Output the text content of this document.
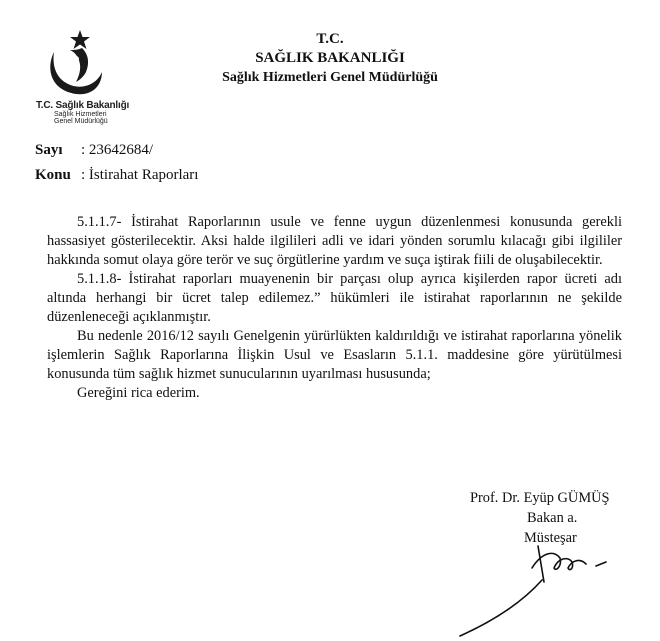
T.C. Sağlık Bakanlığı
Sağlık Hizmetleri
Genel Müdürlüğü
T.C.
SAĞLIK BAKANLIĞI
Sağlık Hizmetleri Genel Müdürlüğü
Sayı : 23642684/
Konu : İstirahat Raporları

5.1.1.7- İstirahat Raporlarının usule ve fenne uygun düzenlenmesi konusunda gerekli hassasiyet gösterilecektir. Aksi halde ilgilileri adli ve idari yönden sorumlu kılacağı gibi ilgililer hakkında somut olaya göre terör ve suç örgütlerine yardım ve suça iştirak fiili de oluşabilecektir.

5.1.1.8- İstirahat raporları muayenenin bir parçası olup ayrıca kişilerden rapor ücreti adı altında herhangi bir ücret talep edilemez.” hükümleri ile istirahat raporlarının ne şekilde düzenleneceği açıklanmıştır.

Bu nedenle 2016/12 sayılı Genelgenin yürürlükten kaldırıldığı ve istirahat raporlarına yönelik işlemlerin Sağlık Raporlarına İlişkin Usul ve Esasların 5.1.1. maddesine göre yürütülmesi konusunda tüm sağlık hizmet sunucularının uyarılması hususunda;

Gereğini rica ederim.

Prof. Dr. Eyüp GÜMÜŞ
Bakan a.
Müsteşar
